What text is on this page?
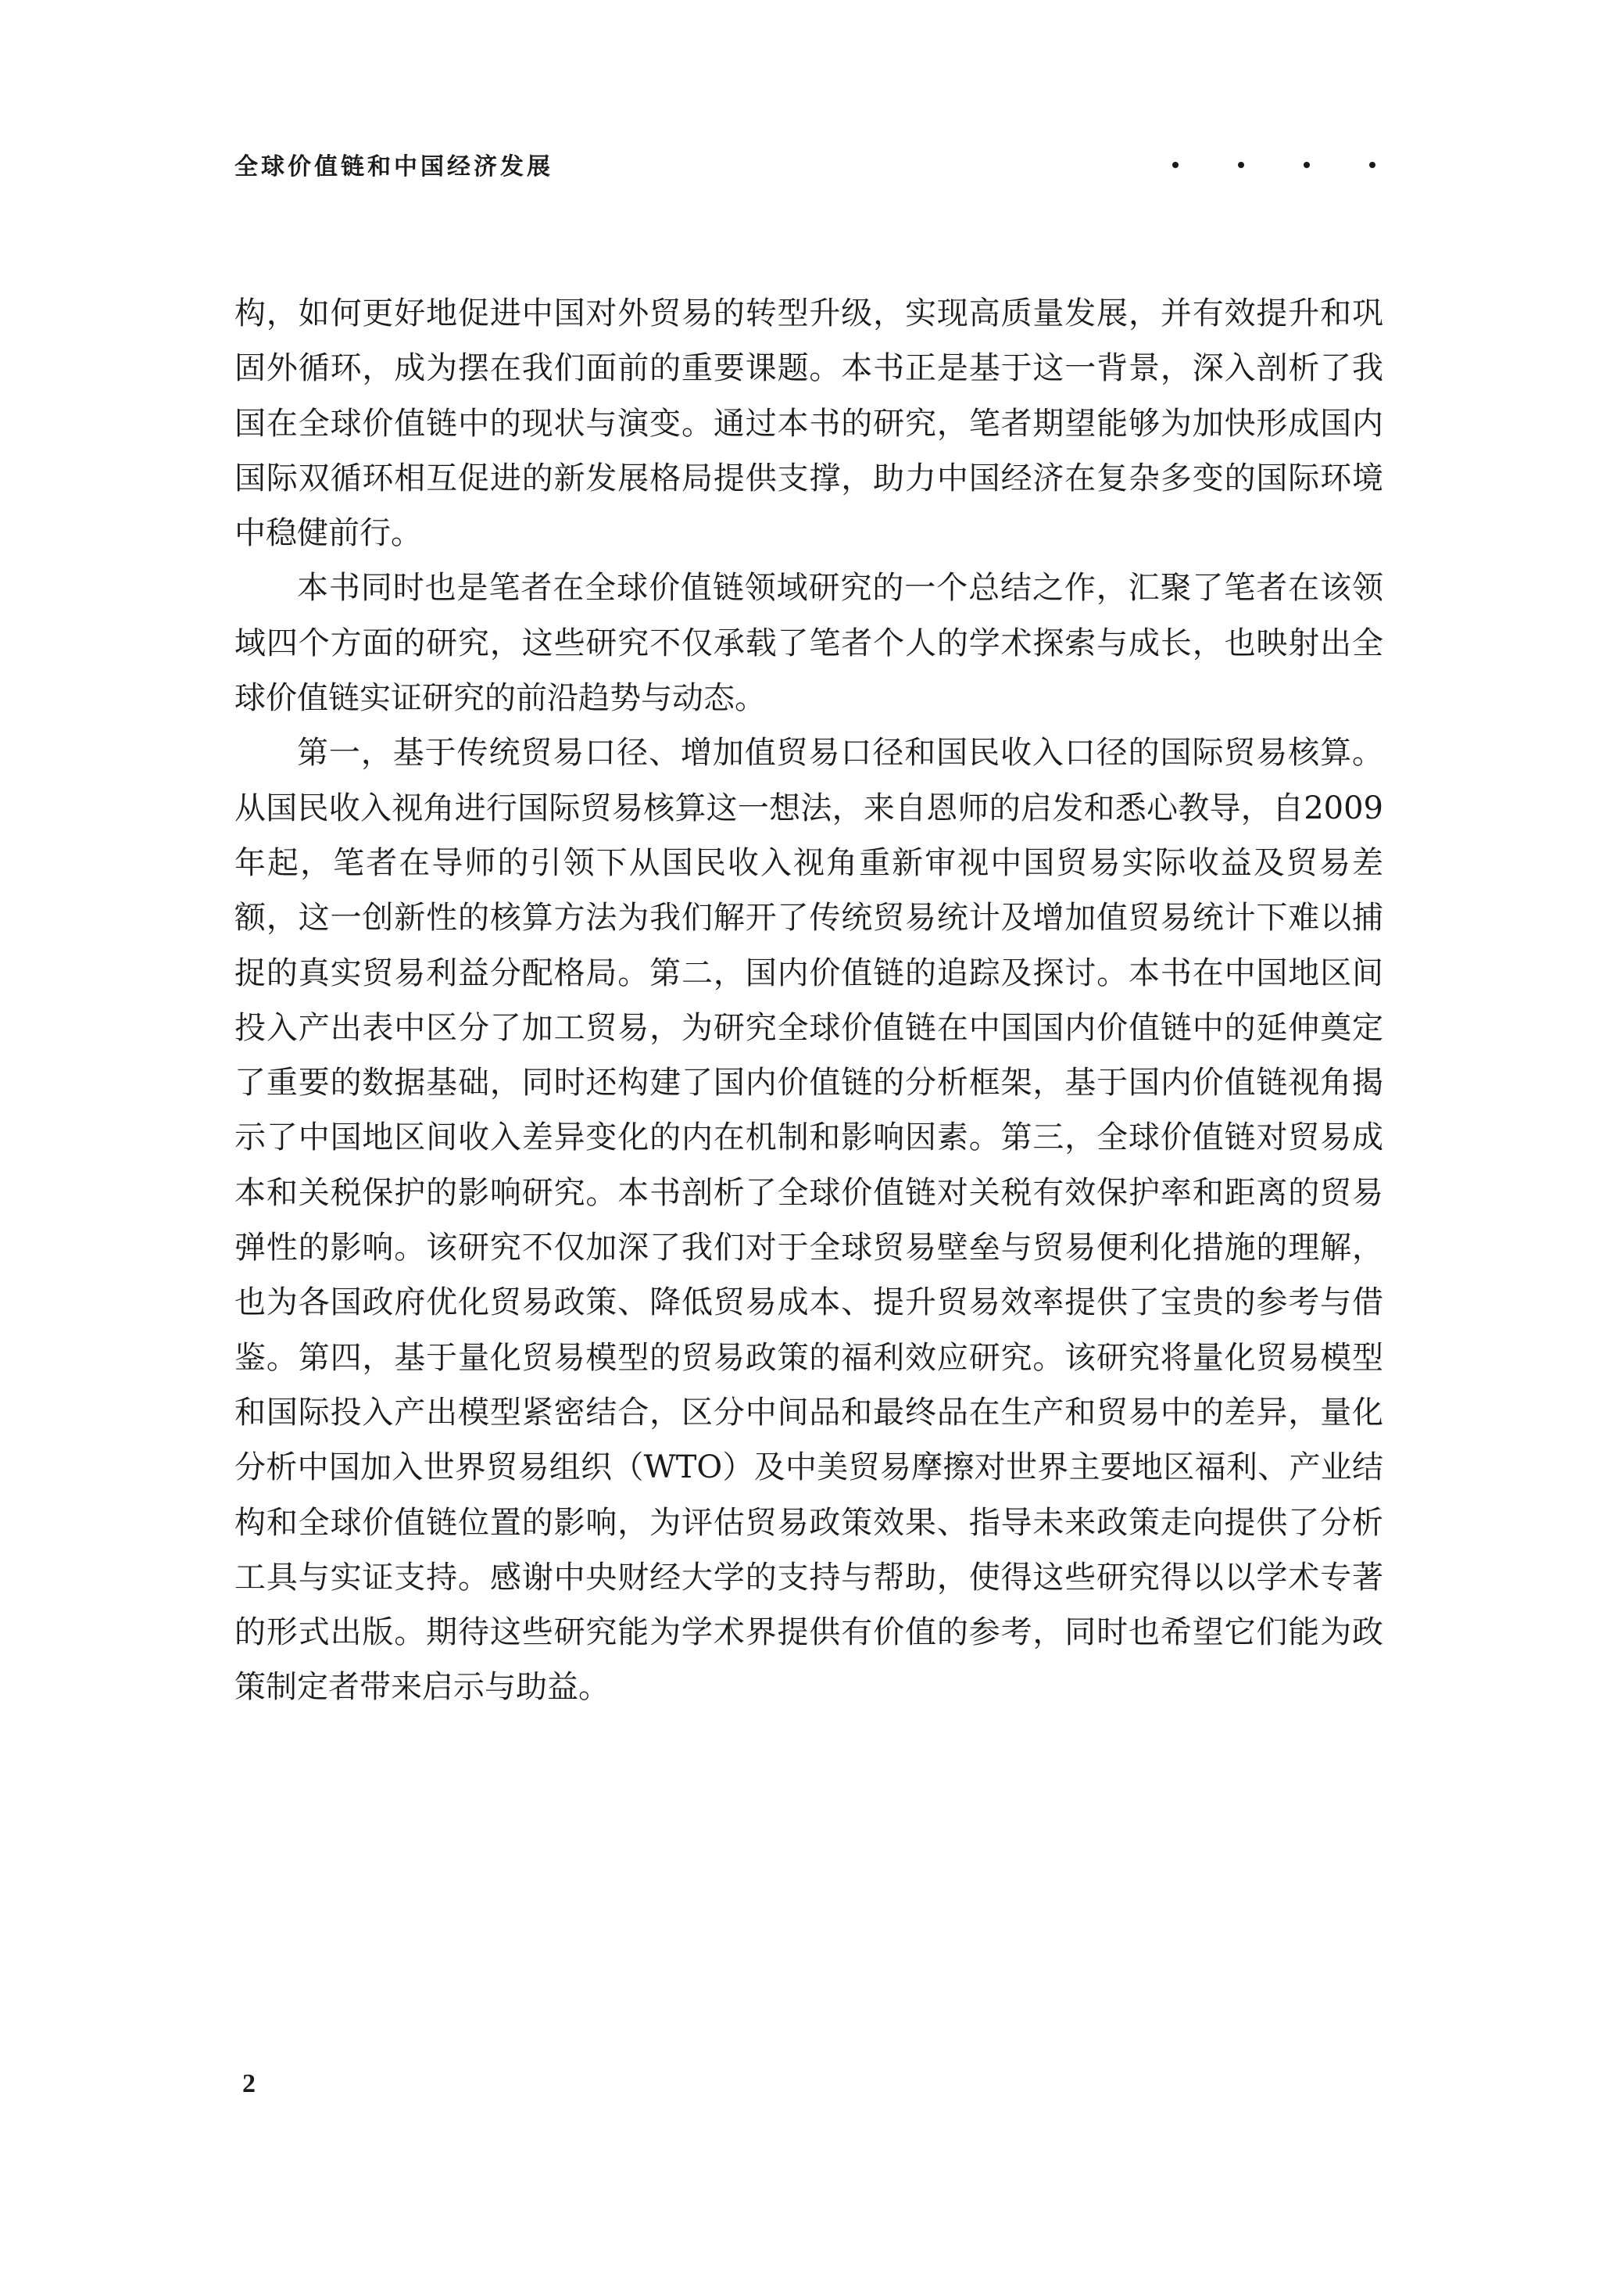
全球价值链和中国经济发展

构，如何更好地促进中国对外贸易的转型升级，实现高质量发展，并有效提升和巩固外循环，成为摆在我们面前的重要课题。本书正是基于这一背景，深入剖析了我国在全球价值链中的现状与演变。通过本书的研究，笔者期望能够为加快形成国内国际双循环相互促进的新发展格局提供支撑，助力中国经济在复杂多变的国际环境中稳健前行。

本书同时也是笔者在全球价值链领域研究的一个总结之作，汇聚了笔者在该领域四个方面的研究，这些研究不仅承载了笔者个人的学术探索与成长，也映射出全球价值链实证研究的前沿趋势与动态。

第一，基于传统贸易口径、增加值贸易口径和国民收入口径的国际贸易核算。从国民收入视角进行国际贸易核算这一想法，来自恩师的启发和悉心教导，自2009年起，笔者在导师的引领下从国民收入视角重新审视中国贸易实际收益及贸易差额，这一创新性的核算方法为我们解开了传统贸易统计及增加值贸易统计下难以捕捉的真实贸易利益分配格局。第二，国内价值链的追踪及探讨。本书在中国地区间投入产出表中区分了加工贸易，为研究全球价值链在中国国内价值链中的延伸奠定了重要的数据基础，同时还构建了国内价值链的分析框架，基于国内价值链视角揭示了中国地区间收入差异变化的内在机制和影响因素。第三，全球价值链对贸易成本和关税保护的影响研究。本书剖析了全球价值链对关税有效保护率和距离的贸易弹性的影响。该研究不仅加深了我们对于全球贸易壁垒与贸易便利化措施的理解，也为各国政府优化贸易政策、降低贸易成本、提升贸易效率提供了宝贵的参考与借鉴。第四，基于量化贸易模型的贸易政策的福利效应研究。该研究将量化贸易模型和国际投入产出模型紧密结合，区分中间品和最终品在生产和贸易中的差异，量化分析中国加入世界贸易组织（WTO）及中美贸易摩擦对世界主要地区福利、产业结构和全球价值链位置的影响，为评估贸易政策效果、指导未来政策走向提供了分析工具与实证支持。感谢中央财经大学的支持与帮助，使得这些研究得以以学术专著的形式出版。期待这些研究能为学术界提供有价值的参考，同时也希望它们能为政策制定者带来启示与助益。

2
